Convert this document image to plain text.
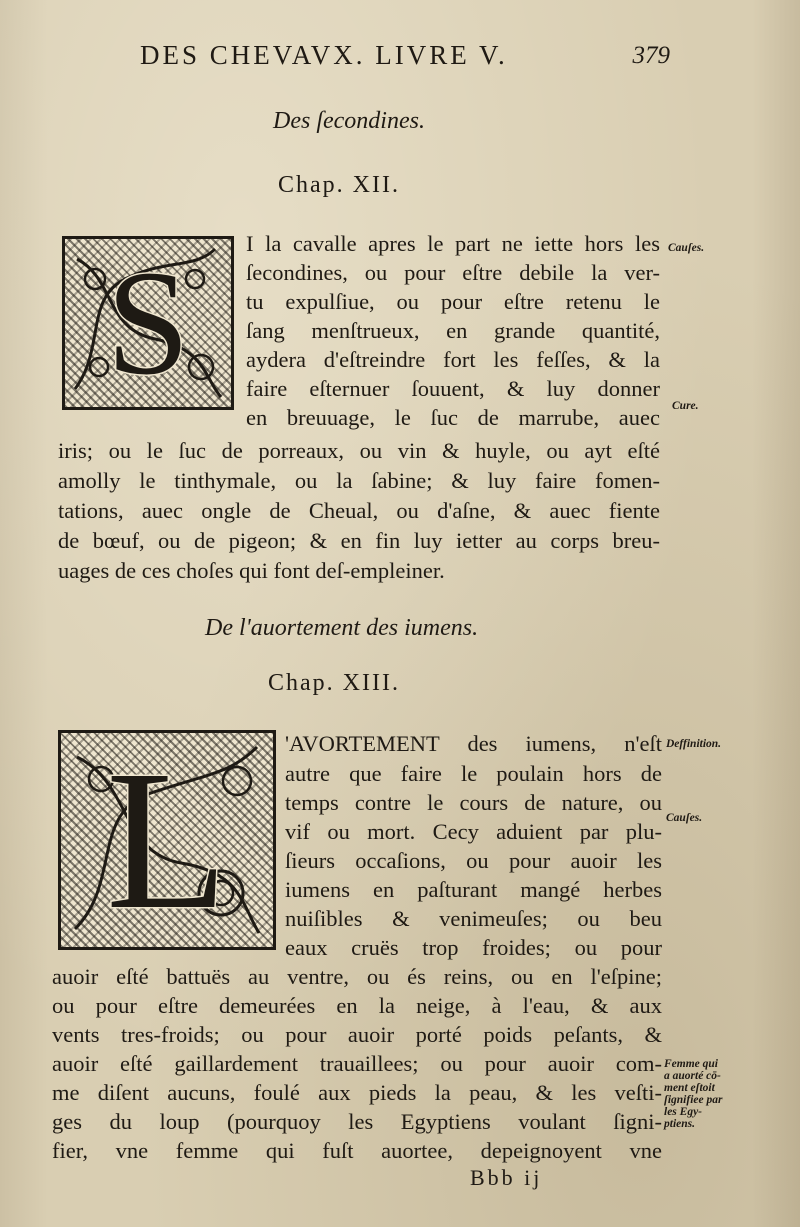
DES CHEVAVX. LIVRE V.	379
Des ſecondines.
Chap. XII.
S	I la cavalle apres le part ne iette hors les
ſecondines, ou pour eſtre debile la ver-
tu expulſiue, ou pour eſtre retenu le
ſang menſtrueux, en grande quantité,
aydera d'eſtreindre fort les feſſes, & la
faire eſternuer ſouuent, & luy donner
en breuuage, le ſuc de marrube, auec
iris; ou le ſuc de porreaux, ou vin & huyle, ou ayt eſté
amolly le tinthymale, ou la ſabine; & luy faire fomen-
tations, auec ongle de Cheual, ou d'aſne, & auec fiente
de bœuf, ou de pigeon; & en fin luy ietter au corps breu-
uages de ces choſes qui font deſ-empleiner.
Cauſes.
Cure.
De l'auortement des iumens.
Chap. XIII.
L	'AVORTEMENT des iumens, n'eſt
autre que faire le poulain hors de
temps contre le cours de nature, ou
vif ou mort. Cecy aduient par plu-
ſieurs occaſions, ou pour auoir les
iumens en paſturant mangé herbes
nuiſibles & venimeuſes; ou beu
eaux cruës trop froides; ou pour
auoir eſté battuës au ventre, ou és reins, ou en l'eſpine;
ou pour eſtre demeurées en la neige, à l'eau, & aux
vents tres-froids; ou pour auoir porté poids peſants, &
auoir eſté gaillardement trauaillees; ou pour auoir com-
me diſent aucuns, foulé aux pieds la peau, & les veſti-
ges du loup (pourquoy les Egyptiens voulant ſigni-
fier, vne femme qui fuſt auortee, depeignoyent vne
Deffinition.
Cauſes.
Femme qui
a auorté cō-
ment eſtoit
ſignifiee par
les Egy-
ptiens.
Bbb ij
